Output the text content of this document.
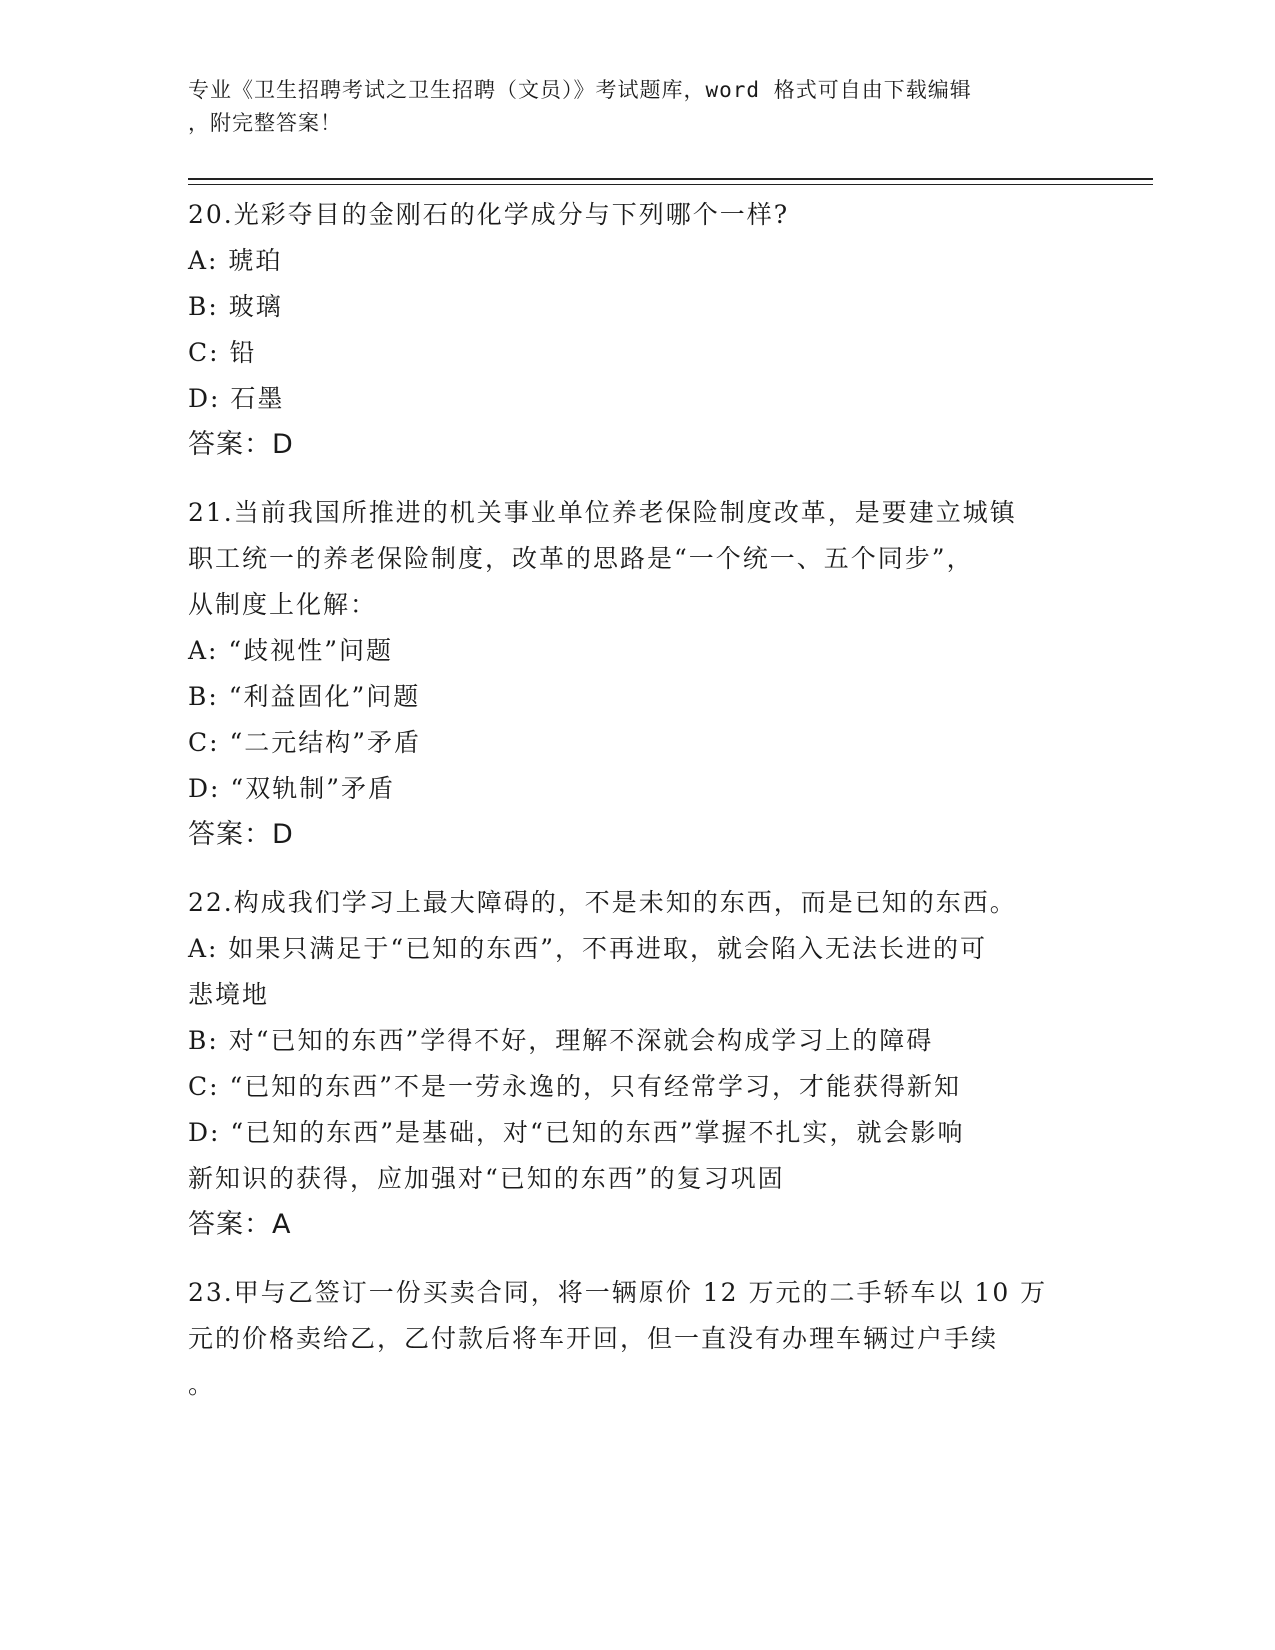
专业《卫生招聘考试之卫生招聘（文员）》考试题库，word 格式可自由下载编辑
，附完整答案！
20.光彩夺目的金刚石的化学成分与下列哪个一样?
A: 琥珀
B: 玻璃
C: 铅
D: 石墨
答案：D
21.当前我国所推进的机关事业单位养老保险制度改革，是要建立城镇
职工统一的养老保险制度，改革的思路是“一个统一、五个同步”，
从制度上化解：
A: “歧视性”问题
B: “利益固化”问题
C: “二元结构”矛盾
D: “双轨制”矛盾
答案：D
22.构成我们学习上最大障碍的，不是未知的东西，而是已知的东西。
A: 如果只满足于“已知的东西”，不再进取，就会陷入无法长进的可
悲境地
B: 对“已知的东西”学得不好，理解不深就会构成学习上的障碍
C: “已知的东西”不是一劳永逸的，只有经常学习，才能获得新知
D: “已知的东西”是基础，对“已知的东西”掌握不扎实，就会影响
新知识的获得，应加强对“已知的东西”的复习巩固
答案：A
23.甲与乙签订一份买卖合同，将一辆原价 12 万元的二手轿车以 10 万
元的价格卖给乙，乙付款后将车开回，但一直没有办理车辆过户手续
。
